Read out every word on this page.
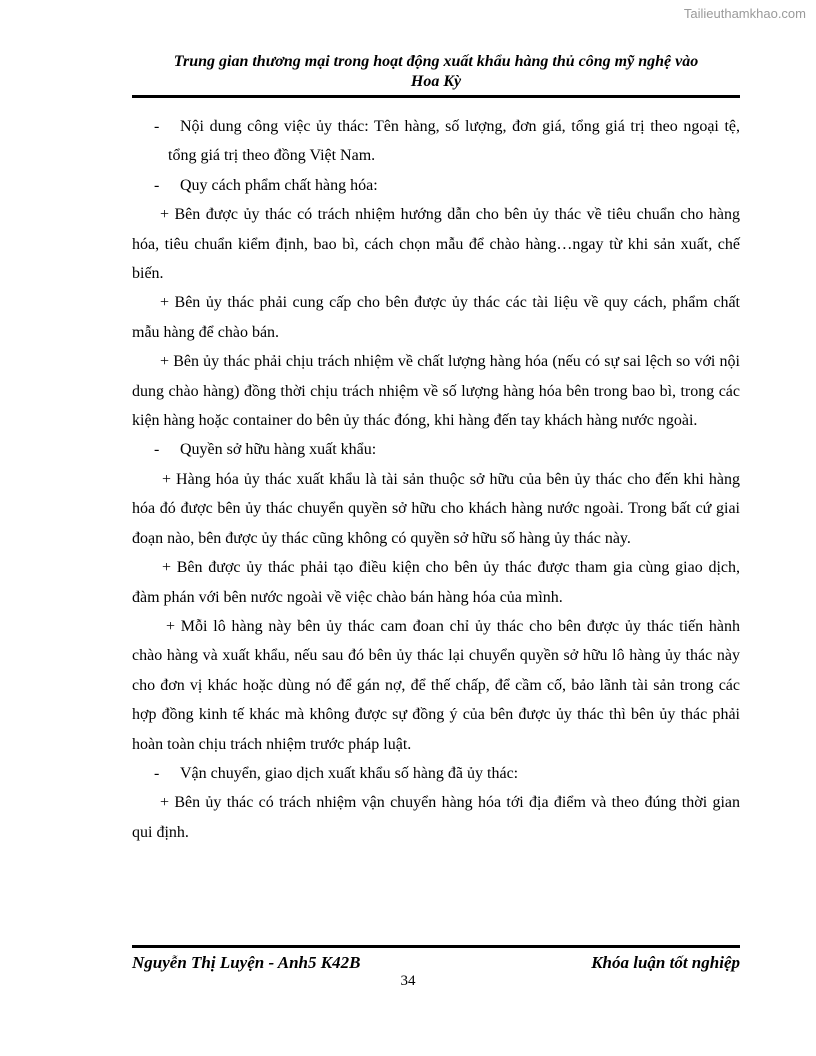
Tailieuthamkhao.com
Trung gian thương mại trong hoạt động xuất khẩu hàng thủ công mỹ nghệ vào
Hoa Kỳ

- Nội dung công việc ủy thác: Tên hàng, số lượng, đơn giá, tổng giá trị theo ngoại tệ, tổng giá trị theo đồng Việt Nam.

- Quy cách phẩm chất hàng hóa:

+ Bên được ủy thác có trách nhiệm hướng dẫn cho bên ủy thác về tiêu chuẩn cho hàng hóa, tiêu chuẩn kiểm định, bao bì, cách chọn mẫu để chào hàng…ngay từ khi sản xuất, chế biến.

+ Bên ủy thác phải cung cấp cho bên được ủy thác các tài liệu về quy cách, phẩm chất mẫu hàng để chào bán.

+ Bên ủy thác phải chịu trách nhiệm về chất lượng hàng hóa (nếu có sự sai lệch so với nội dung chào hàng) đồng thời chịu trách nhiệm về số lượng hàng hóa bên trong bao bì, trong các kiện hàng hoặc container do bên ủy thác đóng, khi hàng đến tay khách hàng nước ngoài.

- Quyền sở hữu hàng xuất khẩu:

+ Hàng hóa ủy thác xuất khẩu là tài sản thuộc sở hữu của bên ủy thác cho đến khi hàng hóa đó được bên ủy thác chuyển quyền sở hữu cho khách hàng nước ngoài. Trong bất cứ giai đoạn nào, bên được ủy thác cũng không có quyền sở hữu số hàng ủy thác này.

+ Bên được ủy thác phải tạo điều kiện cho bên ủy thác được tham gia cùng giao dịch, đàm phán với bên nước ngoài về việc chào bán hàng hóa của mình.

+ Mỗi lô hàng này bên ủy thác cam đoan chỉ ủy thác cho bên được ủy thác tiến hành chào hàng và xuất khẩu, nếu sau đó bên ủy thác lại chuyển quyền sở hữu lô hàng ủy thác này cho đơn vị khác hoặc dùng nó để gán nợ, để thế chấp, để cầm cố, bảo lãnh tài sản trong các hợp đồng kinh tế khác mà không được sự đồng ý của bên được ủy thác thì bên ủy thác phải hoàn toàn chịu trách nhiệm trước pháp luật.

- Vận chuyển, giao dịch xuất khẩu số hàng đã ủy thác:

+ Bên ủy thác có trách nhiệm vận chuyển hàng hóa tới địa điểm và theo đúng thời gian qui định.

Nguyễn Thị Luyện - Anh5 K42B	Khóa luận tốt nghiệp
34
